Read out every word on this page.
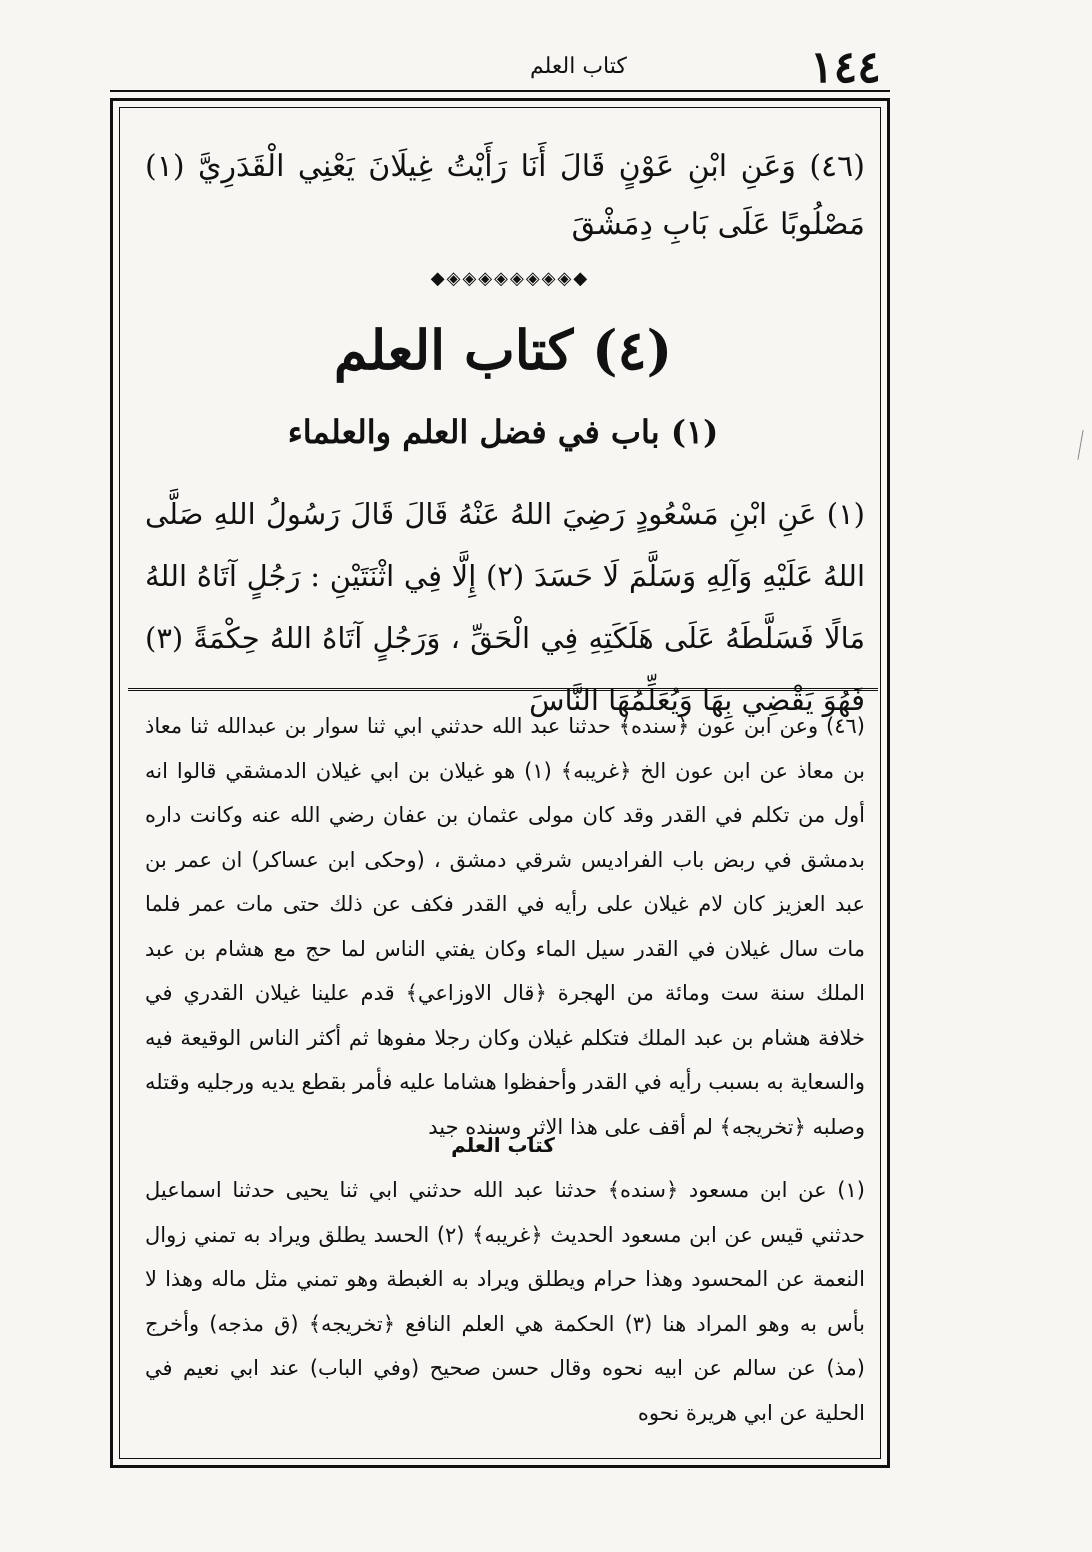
١٤٤
كتاب العلم
(٤٦) وَعَنِ ابْنِ عَوْنٍ قَالَ أَنَا رَأَيْتُ غِيلَانَ يَعْنِي الْقَدَرِيَّ (١) مَصْلُوبًا عَلَى بَابِ دِمَشْقَ
◆◈◈◈◈◈◈◈◈◆
(٤) كتاب العلم
(١) باب في فضل العلم والعلماء
(١) عَنِ ابْنِ مَسْعُودٍ رَضِيَ اللهُ عَنْهُ قَالَ قَالَ رَسُولُ اللهِ صَلَّى اللهُ عَلَيْهِ وَآلِهِ وَسَلَّمَ لَا حَسَدَ (٢) إِلَّا فِي اثْنَتَيْنِ : رَجُلٍ آتَاهُ اللهُ مَالًا فَسَلَّطَهُ عَلَى هَلَكَتِهِ فِي الْحَقِّ ، وَرَجُلٍ آتَاهُ اللهُ حِكْمَةً (٣) فَهُوَ يَقْضِي بِهَا وَيُعَلِّمُهَا النَّاسَ
(٤٦) وعن ابن عون ﴿سنده﴾ حدثنا عبد الله حدثني ابي ثنا سوار بن عبدالله ثنا معاذ بن معاذ عن ابن عون الخ ﴿غريبه﴾ (١) هو غيلان بن ابي غيلان الدمشقي قالوا انه أول من تكلم في القدر وقد كان مولى عثمان بن عفان رضي الله عنه وكانت داره بدمشق في ربض باب الفراديس شرقي دمشق ، (وحكى ابن عساكر) ان عمر بن عبد العزيز كان لام غيلان على رأيه في القدر فكف عن ذلك حتى مات عمر فلما مات سال غيلان في القدر سيل الماء وكان يفتي الناس لما حج مع هشام بن عبد الملك سنة ست ومائة من الهجرة ﴿قال الاوزاعي﴾ قدم علينا غيلان القدري في خلافة هشام بن عبد الملك فتكلم غيلان وكان رجلا مفوها ثم أكثر الناس الوقيعة فيه والسعاية به بسبب رأيه في القدر وأحفظوا هشاما عليه فأمر بقطع يديه ورجليه وقتله وصلبه ﴿تخريجه﴾ لم أقف على هذا الاثر وسنده جيد
كتاب العلم
(١) عن ابن مسعود ﴿سنده﴾ حدثنا عبد الله حدثني ابي ثنا يحيى حدثنا اسماعيل حدثني قيس عن ابن مسعود الحديث ﴿غريبه﴾ (٢) الحسد يطلق ويراد به تمني زوال النعمة عن المحسود وهذا حرام ويطلق ويراد به الغبطة وهو تمني مثل ماله وهذا لا بأس به وهو المراد هنا (٣) الحكمة هي العلم النافع ﴿تخريجه﴾ (ق مذجه) وأخرج (مذ) عن سالم عن ابيه نحوه وقال حسن صحيح (وفي الباب) عند ابي نعيم في الحلية عن ابي هريرة نحوه
